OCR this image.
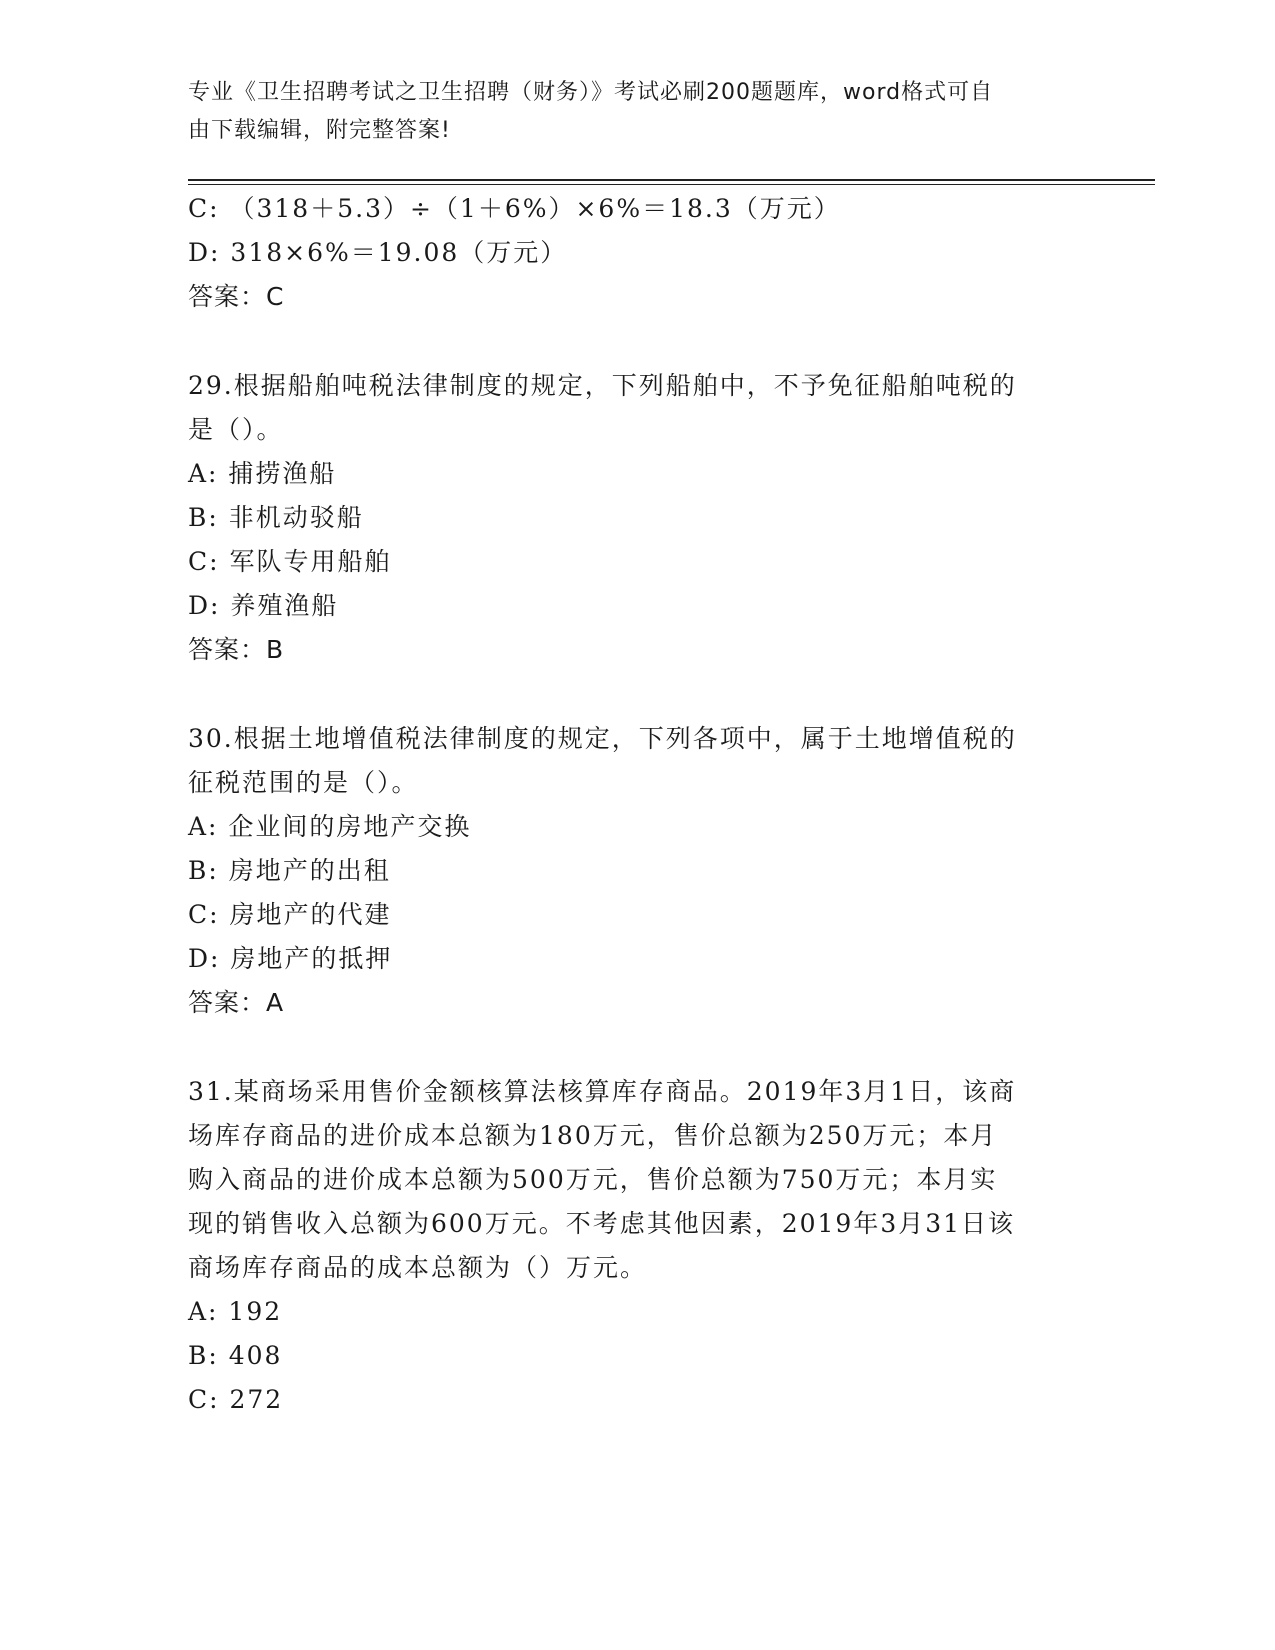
专业《卫生招聘考试之卫生招聘（财务）》考试必刷200题题库，word格式可自
由下载编辑，附完整答案!
C: （318＋5.3）÷（1＋6%）×6%＝18.3（万元）
D: 318×6%＝19.08（万元）
答案：C
29.根据船舶吨税法律制度的规定，下列船舶中，不予免征船舶吨税的
是（）。
A: 捕捞渔船
B: 非机动驳船
C: 军队专用船舶
D: 养殖渔船
答案：B
30.根据土地增值税法律制度的规定，下列各项中，属于土地增值税的
征税范围的是（）。
A: 企业间的房地产交换
B: 房地产的出租
C: 房地产的代建
D: 房地产的抵押
答案：A
31.某商场采用售价金额核算法核算库存商品。2019年3月1日，该商
场库存商品的进价成本总额为180万元，售价总额为250万元；本月
购入商品的进价成本总额为500万元，售价总额为750万元；本月实
现的销售收入总额为600万元。不考虑其他因素，2019年3月31日该
商场库存商品的成本总额为（）万元。
A: 192
B: 408
C: 272
